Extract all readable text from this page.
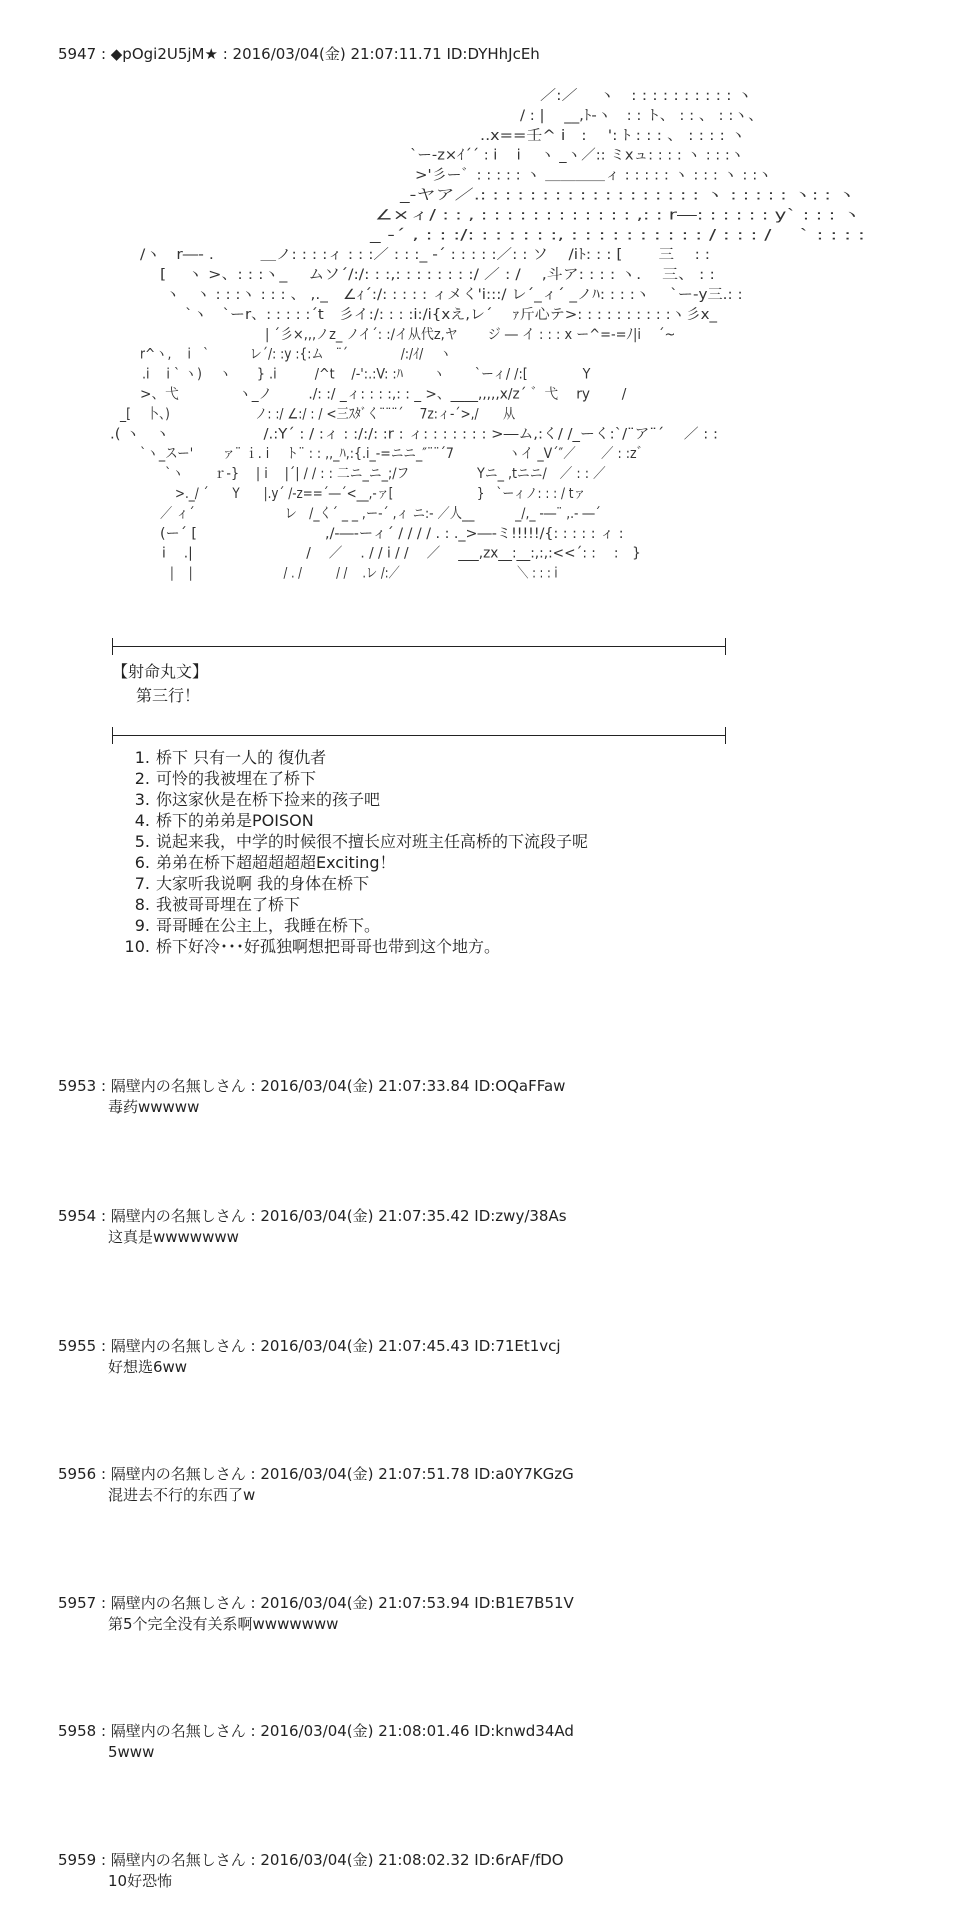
5947 : ◆pOgi2U5jM★ : 2016/03/04(金) 21:07:11.71 ID:DYHhJcEh
／:／　 ヽ　: : : : : : : : : : ヽ
/ : |　 __,ﾄ‐ヽ　: : ト、 : : 、 : :ヽ、
..x==壬^ i　:　 ': ﾄ : : : 、 : : : : ヽ
`ー-z×ｲ´´ : i　 i　 ヽ _ヽ／:: ミxュ: : : : ヽ : : :ヽ
>'彡ー゛: : : : : ヽ ＿＿＿＿ィ : : : : : ヽ : : : ヽ : :ヽ
_-ヤア／.: : : : : : : : : : : : : : : : : : ヽ : : : : : ヽ: : ヽ
∠×ィ/ : : , : : : : : : : : : : : : ,: : r―: : : : : : y` : : : ヽ
_ -´ , : : :/: : : : : : :, : : : : : : : : : : / : : : /　 ` : : : :
/ヽ　r―- .　　　＿ノ: : : :ィ : : :／ : : :_ -´ : : : : :／: : ソ　 /iﾄ: : : [　　 三　 : :
[　 ヽ >、: : :ヽ_　 ムソ´/:/: : :,: : : : : : : :/ ／ : /　 ,斗ア: : : : ヽ.　 三、 : :
ヽ　ヽ : : :ヽ : : : 、 ,._　∠ｨ´:/: : : : : ィメく'i:::/ レ´_ィ´ _ノﾊ: : : :ヽ　 `ー-y三.: :
`ヽ　`ーr、: : : : :´t　彡イ:/: : : :i:/i{xえ,レ´　 ｧ斤心テ>: : : : : : : : : :ヽ彡x_
| ´彡×,,,ノz_ ノイ´: :/イ从代z,ヤ　　 ジ ― イ : : : x ー^=‐=ﾉ|i　 ´~
r^ヽ,　 i　`　　　 レ´/: :y :{:ム　¨´ 　　　　/:/ｲ/　 ヽ
.i　 i ` ヽ)　 ヽ　　} .i　　　/^t　 /‐':.:V: :ﾊ　　 ヽ　　 `ーィ/ /:[　　　　 Y
>、弋　　　　 ヽ_ノ 　　 ./: :/ _ィ: : : :,: : _ >、____,,,,,x/z´ ゛弋　 ry　　 /
_[ 　卜、)　　　　　　　ノ: :/ ∠:/ : / <三ｽﾀﾞく¨¨¨´　 7z:ィ‐´>,/　　从
.( ヽ　ヽ　　　　　　 /.:Y´ : / :ィ : :/:/: :r : ィ: : : : : : : >―ム,:く/ /_ーく:`/¨ア¨´　 ／ : :
`ヽ_スー'　　 ァ¨ ｉ. i　 ト¨ : : ,,_ﾊ,:{.i_-=ニニ_″¨¨´7　　　　 ヽイ _V´″／　　／ : :z゛
`ヽ　　 ｒ‐} 　| i 　|´| / / : : 二ニ_ニ_;/フ　　　　　 Yニ_ ,tニニ/　／ : : ／
>._/ ´　　Y　　|.y´ /‐z==´―´<__,-ァ[　　　　　　　}　`ーィノ: : : / tァ
／ ィ´　　　　　　　 レ　/_く´ _ _ ,ー-´ ,ィ ニ:‐ ／人__　　　 _/,_ -―¨ ,.- ―´
(ー´ [　　　　　　　　　,/‐―‐ーィ´ / / / / . : ._>―-ミ!!!!!/{: : : : : ィ :
i　 .|　　　　　　　　 /　 ／　 . / / i / /　 ／　 ___,zx__:__:,:,:<<´: :　 :　}
|　 |　　　　　　　　/ . /　　　/ /　 .レ /:／　　　　　　　　　　 ＼ : : : i
【射命丸文】
第三行！
1. 桥下 只有一人的 復仇者
2. 可怜的我被埋在了桥下
3. 你这家伙是在桥下捡来的孩子吧
4. 桥下的弟弟是POISON
5. 说起来我，中学的时候很不擅长应对班主任高桥的下流段子呢
6. 弟弟在桥下超超超超超Exciting！
7. 大家听我说啊 我的身体在桥下
8. 我被哥哥埋在了桥下
9. 哥哥睡在公主上，我睡在桥下。
10. 桥下好冷･･･好孤独啊想把哥哥也带到这个地方。
5953 : 隔壁内の名無しさん : 2016/03/04(金) 21:07:33.84 ID:OQaFFaw
毒药wwwww
5954 : 隔壁内の名無しさん : 2016/03/04(金) 21:07:35.42 ID:zwy/38As
这真是wwwwwww
5955 : 隔壁内の名無しさん : 2016/03/04(金) 21:07:45.43 ID:71Et1vcj
好想选6ww
5956 : 隔壁内の名無しさん : 2016/03/04(金) 21:07:51.78 ID:a0Y7KGzG
混进去不行的东西了w
5957 : 隔壁内の名無しさん : 2016/03/04(金) 21:07:53.94 ID:B1E7B51V
第5个完全没有关系啊wwwwwww
5958 : 隔壁内の名無しさん : 2016/03/04(金) 21:08:01.46 ID:knwd34Ad
5www
5959 : 隔壁内の名無しさん : 2016/03/04(金) 21:08:02.32 ID:6rAF/fDO
10好恐怖
